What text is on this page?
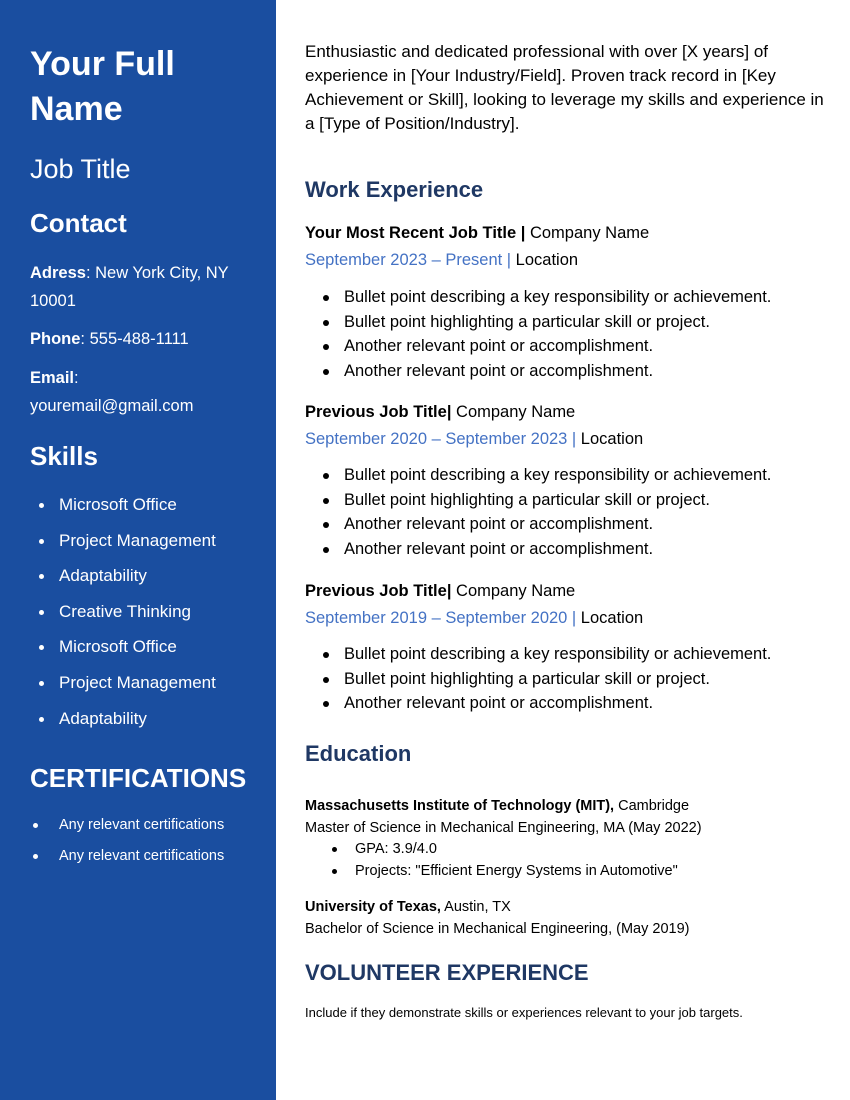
Your Full Name
Job Title
Contact
Adress: New York City, NY 10001
Phone: 555-488-1111
Email:
youremail@gmail.com
Skills
Microsoft Office
Project Management
Adaptability
Creative Thinking
Microsoft Office
Project Management
Adaptability
CERTIFICATIONS
Any relevant certifications
Any relevant certifications
Enthusiastic and dedicated professional with over [X years] of experience in [Your Industry/Field]. Proven track record in [Key Achievement or Skill], looking to leverage my skills and experience in a [Type of Position/Industry].
Work Experience
Your Most Recent Job Title | Company Name
September 2023 – Present | Location
Bullet point describing a key responsibility or achievement.
Bullet point highlighting a particular skill or project.
Another relevant point or accomplishment.
Another relevant point or accomplishment.
Previous Job Title| Company Name
September 2020 – September 2023 | Location
Bullet point describing a key responsibility or achievement.
Bullet point highlighting a particular skill or project.
Another relevant point or accomplishment.
Another relevant point or accomplishment.
Previous Job Title| Company Name
September 2019 – September 2020 | Location
Bullet point describing a key responsibility or achievement.
Bullet point highlighting a particular skill or project.
Another relevant point or accomplishment.
Education
Massachusetts Institute of Technology (MIT), Cambridge
Master of Science in Mechanical Engineering, MA (May 2022)
GPA: 3.9/4.0
Projects: "Efficient Energy Systems in Automotive"
University of Texas, Austin, TX
Bachelor of Science in Mechanical Engineering, (May 2019)
VOLUNTEER EXPERIENCE
Include if they demonstrate skills or experiences relevant to your job targets.
